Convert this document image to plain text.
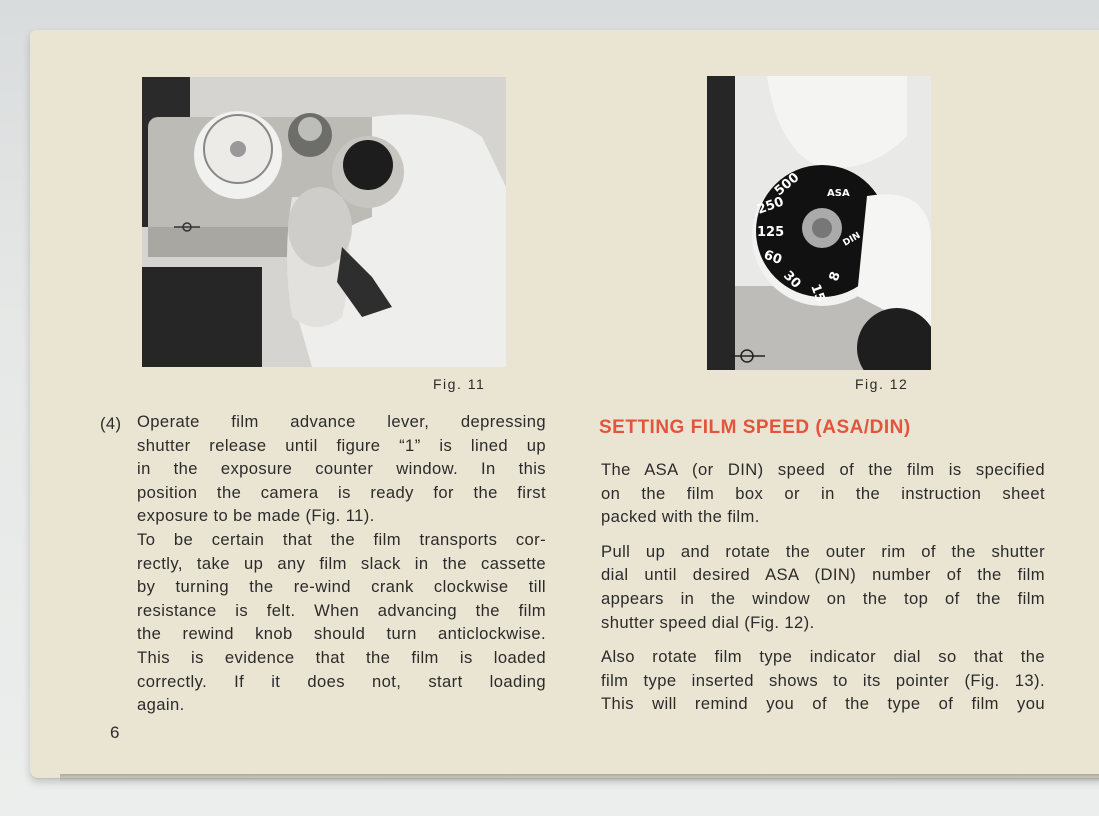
Fig. 11
500
250
125
60
30
15
8
ASA
DIN
Fig. 12
(4) Operate film advance lever, depressing

shutter release until figure “1” is lined up

in the exposure counter window. In this

position the camera is ready for the first

exposure to be made (Fig. 11).

To be certain that the film transports cor-

rectly, take up any film slack in the cassette

by turning the re-wind crank clockwise till

resistance is felt. When advancing the film

the rewind knob should turn anticlockwise.

This is evidence that the film is loaded

correctly. If it does not, start loading

again.

SETTING FILM SPEED (ASA/DIN)

The ASA (or DIN) speed of the film is specified

on the film box or in the instruction sheet

packed with the film.

Pull up and rotate the outer rim of the shutter

dial until desired ASA (DIN) number of the film

appears in the window on the top of the film

shutter speed dial (Fig. 12).

Also rotate film type indicator dial so that the

film type inserted shows to its pointer (Fig. 13).

This will remind you of the type of film you

6
